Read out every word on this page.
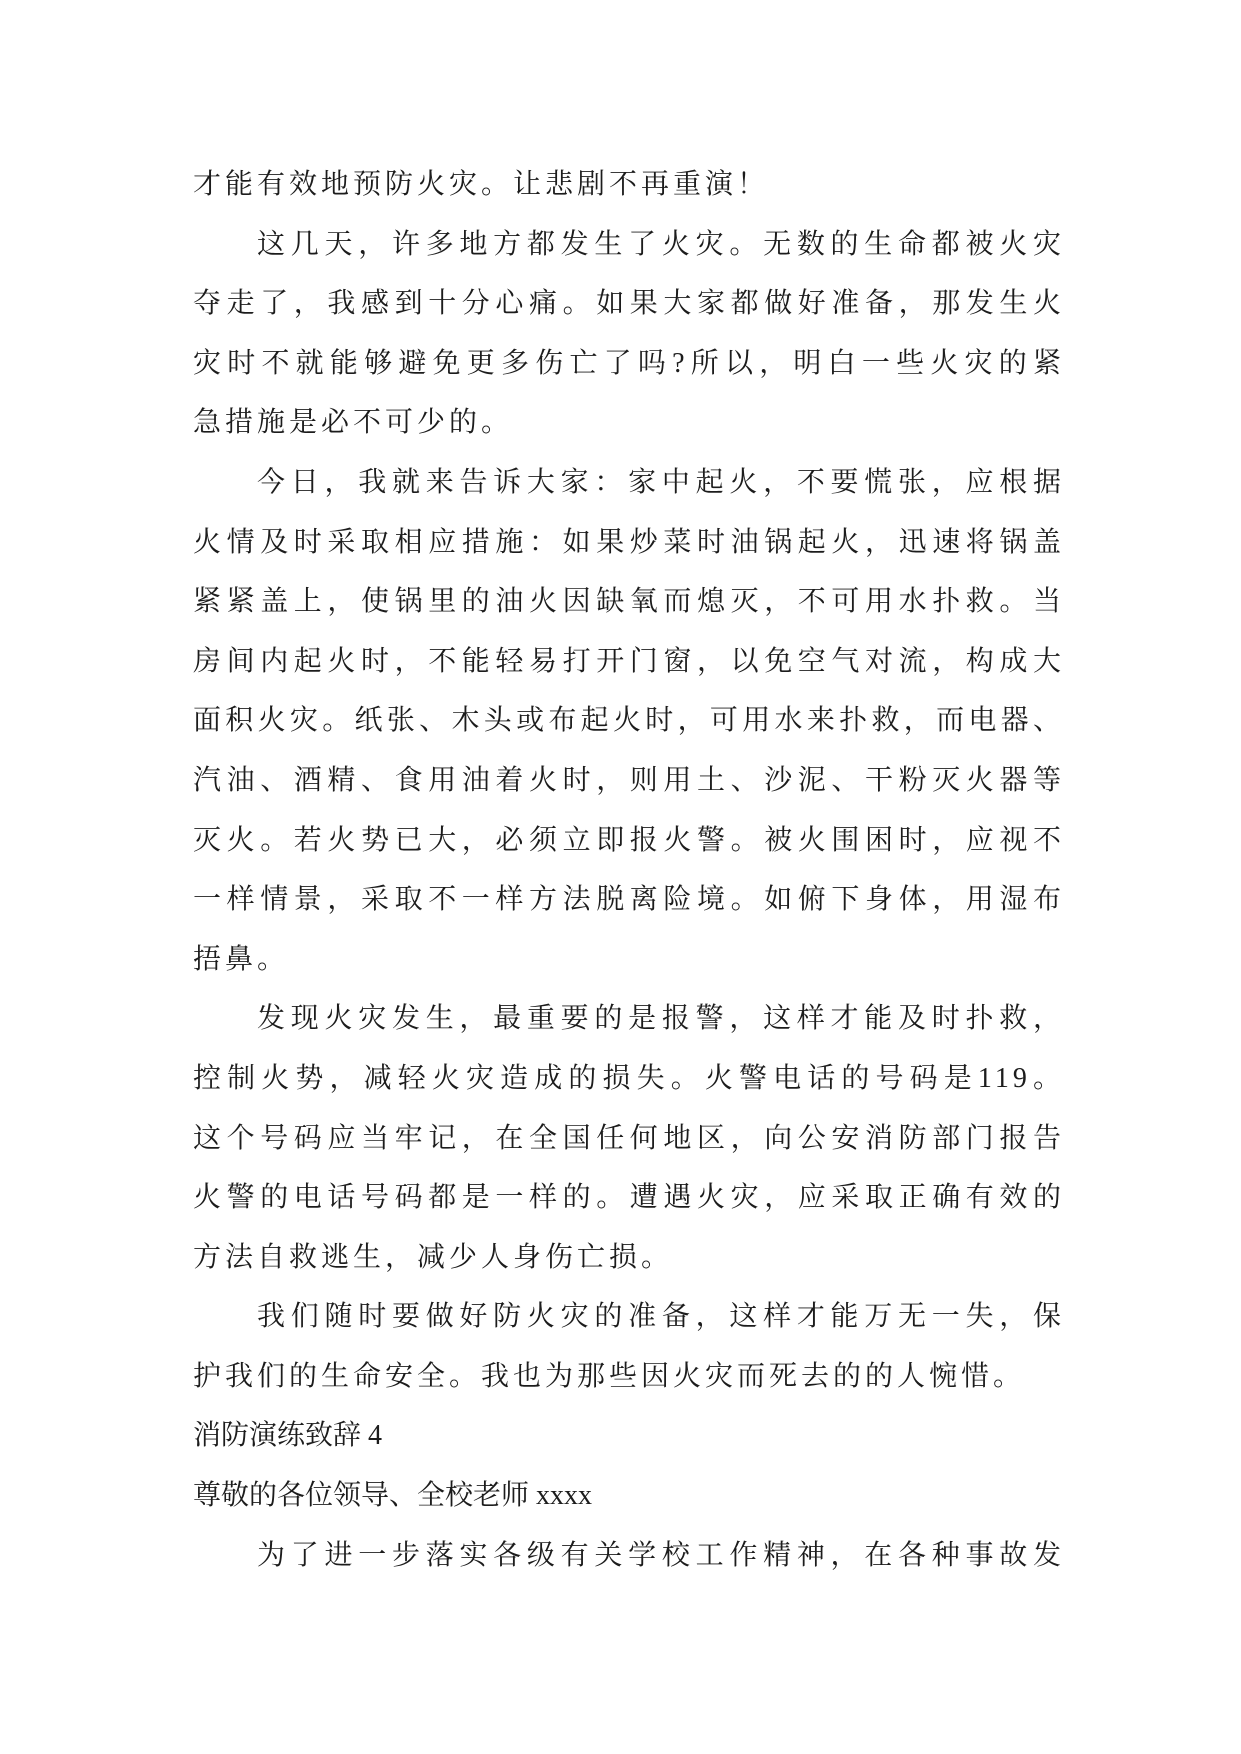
才能有效地预防火灾。让悲剧不再重演！
这几天，许多地方都发生了火灾。无数的生命都被火灾
夺走了，我感到十分心痛。如果大家都做好准备，那发生火
灾时不就能够避免更多伤亡了吗?所以，明白一些火灾的紧
急措施是必不可少的。
今日，我就来告诉大家：家中起火，不要慌张，应根据
火情及时采取相应措施：如果炒菜时油锅起火，迅速将锅盖
紧紧盖上，使锅里的油火因缺氧而熄灭，不可用水扑救。当
房间内起火时，不能轻易打开门窗，以免空气对流，构成大
面积火灾。纸张、木头或布起火时，可用水来扑救，而电器、
汽油、酒精、食用油着火时，则用土、沙泥、干粉灭火器等
灭火。若火势已大，必须立即报火警。被火围困时，应视不
一样情景，采取不一样方法脱离险境。如俯下身体，用湿布
捂鼻。
发现火灾发生，最重要的是报警，这样才能及时扑救，
控制火势，减轻火灾造成的损失。火警电话的号码是119。
这个号码应当牢记，在全国任何地区，向公安消防部门报告
火警的电话号码都是一样的。遭遇火灾，应采取正确有效的
方法自救逃生，减少人身伤亡损。
我们随时要做好防火灾的准备，这样才能万无一失，保
护我们的生命安全。我也为那些因火灾而死去的的人惋惜。
消防演练致辞 4
尊敬的各位领导、全校老师 xxxx
为了进一步落实各级有关学校工作精神，在各种事故发
